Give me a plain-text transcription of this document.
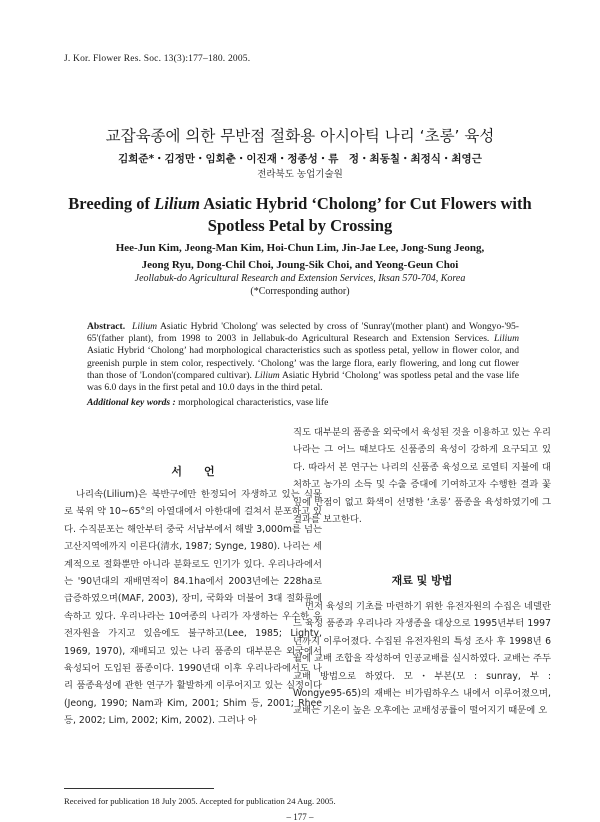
J. Kor. Flower Res. Soc. 13(3):177–180. 2005.
교잡육종에 의한 무반점 절화용 아시아틱 나리 ‘초롱’ 육성
김희준*・김정만・임회춘・이진재・정종성・류　정・최동칠・최정식・최영근
전라북도 농업기술원
Breeding of Lilium Asiatic Hybrid ‘Cholong’ for Cut Flowers with Spotless Petal by Crossing
Hee-Jun Kim, Jeong-Man Kim, Hoi-Chun Lim, Jin-Jae Lee, Jong-Sung Jeong,
Jeong Ryu, Dong-Chil Choi, Joung-Sik Choi, and Yeong-Geun Choi
Jeollabuk-do Agricultural Research and Extension Services, Iksan 570-704, Korea
(*Corresponding author)
Abstract. Lilium Asiatic Hybrid 'Cholong' was selected by cross of 'Sunray'(mother plant) and Wongyo-'95-65'(father plant), from 1998 to 2003 in Jellabuk-do Agricultural Research and Extension Services. Lilium Asiatic Hybrid ‘Cholong’ had morphological characteristics such as spotless petal, yellow in flower color, and greenish purple in stem color, respectively. ‘Cholong’ was the large flora, early flowering, and long cut flower than those of 'London'(compared cultivar). Lilium Asiatic Hybrid ‘Cholong’ was spotless petal and the vase life was 6.0 days in the first petal and 10.0 days in the third petal.
Additional key words : morphological characteristics, vase life
서　　언

나리속(Lilium)은 북반구에만 한정되어 자생하고 있는 식물로 북위 약 10~65°의 아열대에서 아한대에 걸쳐서 분포하고 있다. 수직분포는 해안부터 중국 서남부에서 해발 3,000m를 넘는 고산지역에까지 이른다(清水, 1987; Synge, 1980). 나리는 세계적으로 절화뿐만 아니라 분화로도 인기가 있다. 우리나라에서는 '90년대의 재배면적이 84.1ha에서 2003년에는 228ha로 급증하였으며(MAF, 2003), 장미, 국화와 더불어 3대 절화류에 속하고 있다. 우리나라는 10여종의 나리가 자생하는 우수한 유전자원을 가지고 있음에도 불구하고(Lee, 1985; Lighty, 1969, 1970), 재배되고 있는 나리 품종의 대부분은 외국에서 육성되어 도입된 품종이다. 1990년대 이후 우리나라에서도 나리 품종육성에 관한 연구가 활발하게 이루어지고 있는 실정이다(Jeong, 1990; Nam과 Kim, 2001; Shim 등, 2001; Rhee 등, 2002; Lim, 2002; Kim, 2002). 그러나 아

직도 대부분의 품종을 외국에서 육성된 것을 이용하고 있는 우리나라는 그 어느 때보다도 신품종의 육성이 강하게 요구되고 있다. 따라서 본 연구는 나리의 신품종 육성으로 로열티 지불에 대처하고 농가의 소득 및 수출 증대에 기여하고자 수행한 결과 꽃잎에 반점이 없고 화색이 선명한 ‘초롱’ 품종을 육성하였기에 그 결과를 보고한다.

재료 및 방법

먼저 육성의 기초를 마련하기 위한 유전자원의 수집은 네델란드 육성 품종과 우리나라 자생종을 대상으로 1995년부터 1997년까지 이루어졌다. 수집된 유전자원의 특성 조사 후 1998년 6월에 교배 조합을 작성하여 인공교배를 실시하였다. 교배는 주두교배 방법으로 하였다. 모・부본(모 : sunray, 부 : Wongye95-65)의 재배는 비가림하우스 내에서 이루어졌으며, 교배는 기온이 높은 오후에는 교배성공률이 떨어지기 때문에 오

Received for publication 18 July 2005. Accepted for publication 24 Aug. 2005.
– 177 –
